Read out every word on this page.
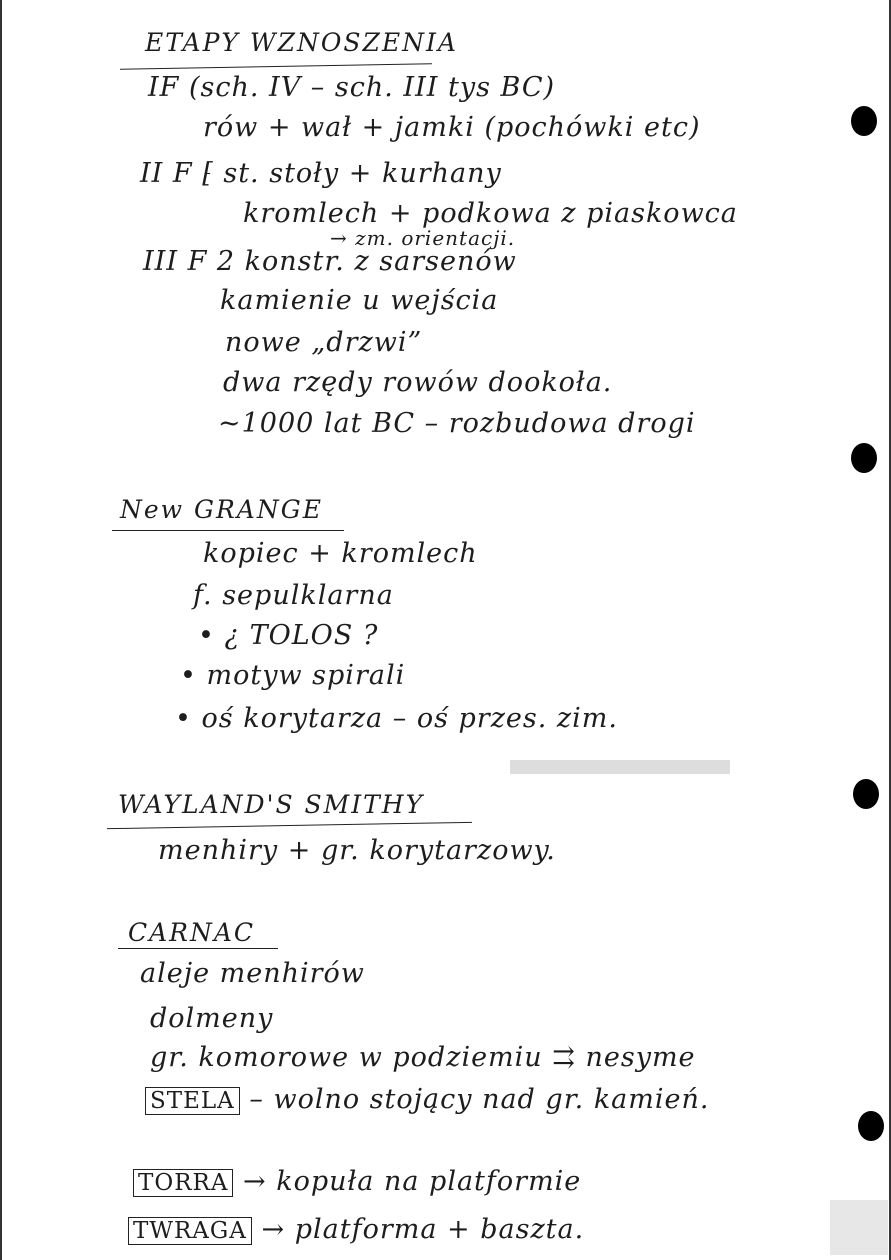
ETAPY WZNOSZENIA
IF (sch. IV – sch. III tys BC)
rów + wał + jamki (pochówki etc)
II F ⁅ st. stoły + kurhany
kromlech + podkowa z piaskowca
→ zm. orientacji.
III F 2 konstr. z sarsenów
kamienie u wejścia
nowe „drzwi”
dwa rzędy rowów dookoła.
~1000 lat BC – rozbudowa drogi
New GRANGE
kopiec + kromlech
f. sepulklarna
• ¿ TOLOS ?
• motyw spirali
• oś korytarza – oś przes. zim.
WAYLAND'S SMITHY
menhiry + gr. korytarzowy.
CARNAC
aleje menhirów
dolmeny
gr. komorowe w podziemiu ⇉ nesyme
STELA – wolno stojący nad gr. kamień.
TORRA → kopuła na platformie
TWRAGA → platforma + baszta.
